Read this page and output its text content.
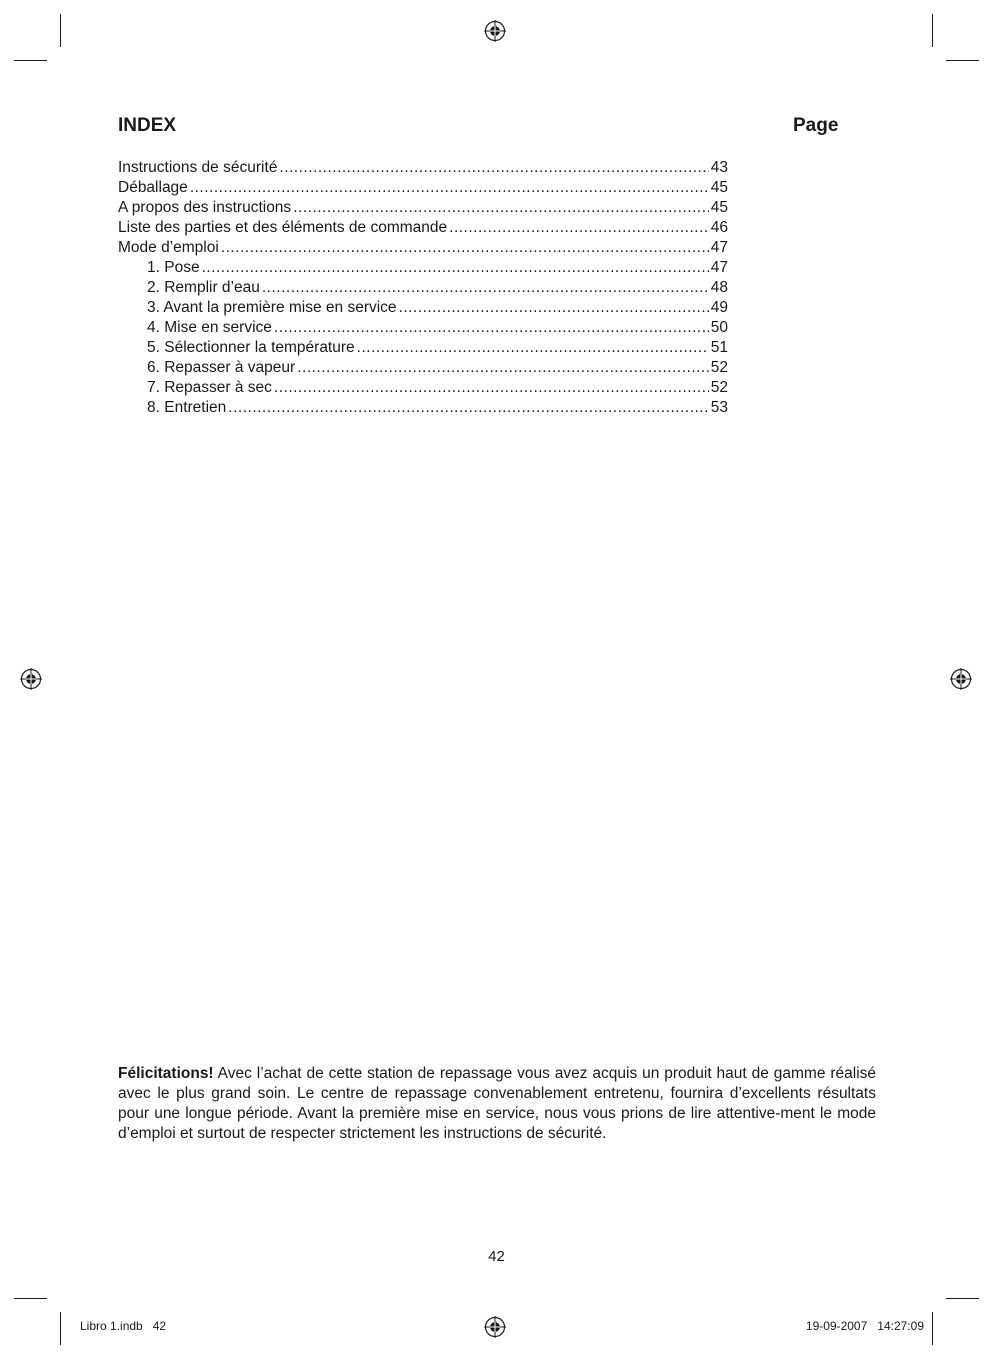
INDEX	Page
Instructions de sécurité .....	43
Déballage .....	45
A propos des instructions .....	45
Liste des parties et des éléments de commande .....	46
Mode d’emploi .....	47
1. Pose .....	47
2. Remplir d’eau .....	48
3. Avant la première mise en service .....	49
4. Mise en service .....	50
5. Sélectionner la température .....	51
6. Repasser à vapeur .....	52
7. Repasser à sec .....	52
8. Entretien .....	53

Félicitations! Avec l’achat de cette station de repassage vous avez acquis un produit haut de gamme réalisé avec le plus grand soin. Le centre de repassage convenablement entretenu, fournira d’excellents résultats pour une longue période. Avant la première mise en service, nous vous prions de lire attentive-ment le mode d’emploi et surtout de respecter strictement les instructions de sécurité.

42
Libro 1.indb   42	19-09-2007   14:27:09
